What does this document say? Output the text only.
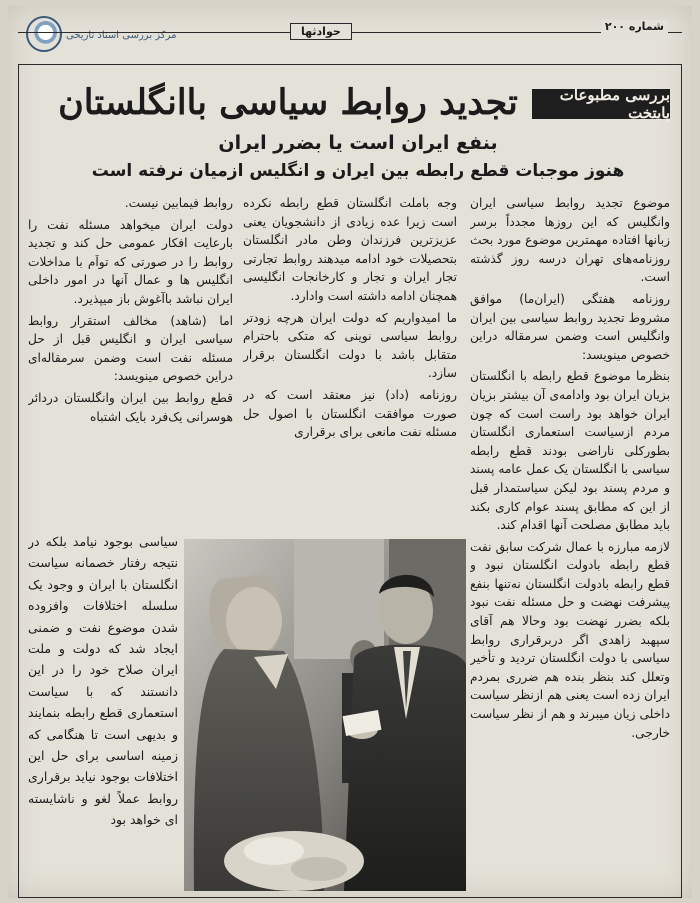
مرکز بررسی اسناد تاریخی	حوادثها	شماره ۲۰۰
بررسی مطبوعات پایتخت
تجدید روابط سیاسی باانگلستان
بنفع ایران است یا بضرر ایران
هنوز موجبات قطع رابطه بین ایران و انگلیس ازمیان نرفته است

موضوع تجدید روابط سیاسی ایران وانگلیس که این روزها مجدداً برسر زبانها افتاده مهمترین موضوع مورد بحث روزنامه‌های تهران درسه روز گذشته است.

روزنامه هفتگی (ایران‌ما) موافق مشروط تجدید روابط سیاسی بین ایران وانگلیس است وضمن سرمقاله دراین خصوص مینویسد:

بنظرما موضوع قطع رابطه با انگلستان بزیان ایران بود وادامه‌ی آن بیشتر بزیان ایران خواهد بود راست است که چون مردم ازسیاست استعماری انگلستان بطورکلی ناراضی بودند قطع رابطه سیاسی با انگلستان یک عمل عامه پسند و مردم پسند بود لیکن سیاستمدار قبل از این که مطابق پسند عوام کاری بکند باید مطابق مصلحت آنها اقدام کند.

لازمه مبارزه با عمال شرکت سابق نفت قطع رابطه بادولت انگلستان نبود و قطع رابطه بادولت انگلستان نه‌تنها بنفع پیشرفت نهضت و حل مسئله نفت نبود بلکه بضرر نهضت بود وحالا هم آقای سپهبد زاهدی اگر دربرقراری روابط سیاسی با دولت انگلستان تردید و تأخیر وتعلل کند بنظر بنده هم ضرری بمردم ایران زده است یعنی هم ازنظر سیاست داخلی زیان میبرند و هم از نظر سیاست خارجی.

وجه باملت انگلستان قطع رابطه نکرده است زیرا عده زیادی از دانشجویان یعنی عزیزترین فرزندان وطن مادر انگلستان بتحصیلات خود ادامه میدهند روابط تجارتی تجار ایران و تجار و کارخانجات انگلیسی همچنان ادامه داشته است وادارد.

ما امیدواریم که دولت ایران هرچه زودتر روابط سیاسی نوینی که متکی باحترام متقابل باشد با دولت انگلستان برقرار سازد.

روزنامه (داد) نیز معتقد است که در صورت موافقت انگلستان با اصول حل مسئله نفت مانعی برای برقراری

روابط فیمابین نیست.

دولت ایران میخواهد مسئله نفت را بارعایت افکار عمومی حل کند و تجدید روابط را در صورتی که تواَم با مداخلات انگلیس ها و عمال آنها در امور داخلی ایران نباشد باآغوش باز میپذیرد.

اما (شاهد) مخالف استقرار روابط سیاسی ایران و انگلیس قبل از حل مسئله نفت است وضمن سرمقاله‌ای دراین خصوص مینویسد:

قطع روابط بین ایران وانگلستان دردائر هوسرانی یک‌فرد بایک اشتباه

سیاسی بوجود نیامد بلکه در نتیجه رفتار خصمانه سیاست انگلستان با ایران و وجود یک سلسله اختلافات وافزوده شدن موضوع نفت و ضمنی ایجاد شد که دولت و ملت ایران صلاح خود را در این دانستند که با سیاست استعماری قطع رابطه بنمایند و بدیهی است تا هنگامی که زمینه اساسی برای حل این اختلافات بوجود نیاید برقراری روابط عملاً لغو و ناشایسته ای خواهد بود
